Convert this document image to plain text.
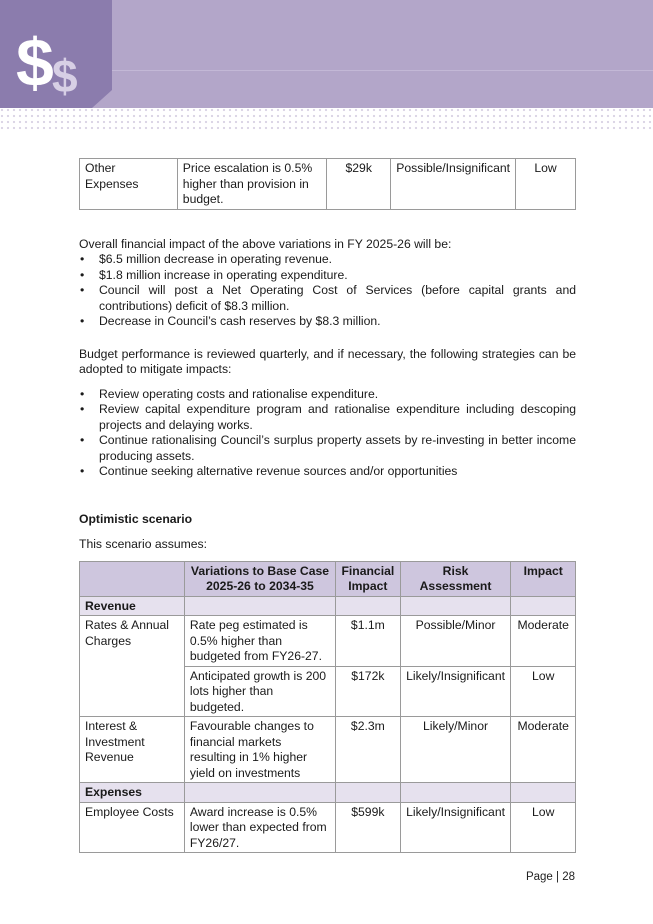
$
$
Other Expenses	Price escalation is 0.5% higher than provision in budget.	$29k	Possible/Insignificant	Low

Overall financial impact of the above variations in FY 2025-26 will be:

• $6.5 million decrease in operating revenue.
• $1.8 million increase in operating expenditure.
• Council will post a Net Operating Cost of Services (before capital grants and contributions) deficit of $8.3 million.
• Decrease in Council’s cash reserves by $8.3 million.

Budget performance is reviewed quarterly, and if necessary, the following strategies can be adopted to mitigate impacts:

• Review operating costs and rationalise expenditure.
• Review capital expenditure program and rationalise expenditure including descoping projects and delaying works.
• Continue rationalising Council’s surplus property assets by re-investing in better income producing assets.
• Continue seeking alternative revenue sources and/or opportunities

Optimistic scenario

This scenario assumes:

	Variations to Base Case 2025-26 to 2034-35	Financial Impact	Risk Assessment	Impact
Revenue				
Rates & Annual Charges	Rate peg estimated is 0.5% higher than budgeted from FY26-27.	$1.1m	Possible/Minor	Moderate
	Anticipated growth is 200 lots higher than budgeted.	$172k	Likely/Insignificant	Low
Interest & Investment Revenue	Favourable changes to financial markets resulting in 1% higher yield on investments	$2.3m	Likely/Minor	Moderate
Expenses				
Employee Costs	Award increase is 0.5% lower than expected from FY26/27.	$599k	Likely/Insignificant	Low
Page | 28
